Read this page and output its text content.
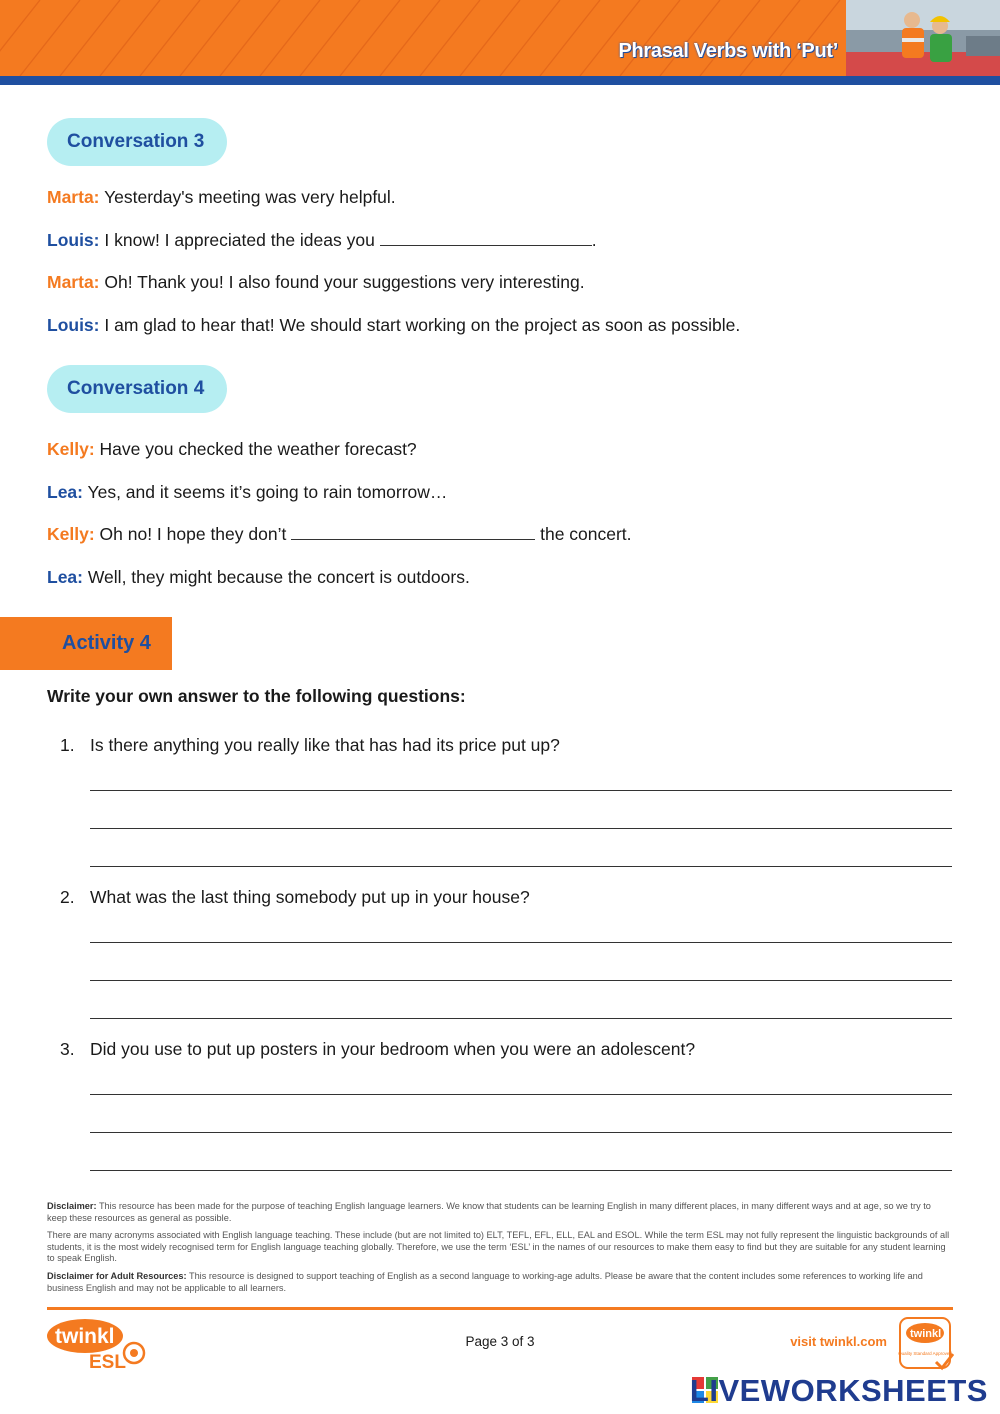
Phrasal Verbs with ‘Put’
Conversation 3
Marta: Yesterday's meeting was very helpful.
Louis: I know! I appreciated the ideas you	.
Marta: Oh! Thank you! I also found your suggestions very interesting.
Louis: I am glad to hear that! We should start working on the project as soon as possible.
Conversation 4
Kelly: Have you checked the weather forecast?
Lea: Yes, and it seems it’s going to rain tomorrow…
Kelly: Oh no! I hope they don’t	the concert.
Lea: Well, they might because the concert is outdoors.
Activity 4
Write your own answer to the following questions:
1. Is there anything you really like that has had its price put up?
2. What was the last thing somebody put up in your house?
3. Did you use to put up posters in your bedroom when you were an adolescent?
Disclaimer: This resource has been made for the purpose of teaching English language learners. We know that students can be learning English in many different places, in many different ways and at age, so we try to keep these resources as general as possible.
There are many acronyms associated with English language teaching. These include (but are not limited to) ELT, TEFL, EFL, ELL, EAL and ESOL. While the term ESL may not fully represent the linguistic backgrounds of all students, it is the most widely recognised term for English language teaching globally. Therefore, we use the term ‘ESL’ in the names of our resources to make them easy to find but they are suitable for any student learning to speak English.
Disclaimer for Adult Resources: This resource is designed to support teaching of English as a second language to working-age adults. Please be aware that the content includes some references to working life and business English and may not be applicable to all learners.
twinkl
ESL
Page 3 of 3	visit twinkl.com twinkl
Quality Standard Approved
LIVEWORKSHEETS
